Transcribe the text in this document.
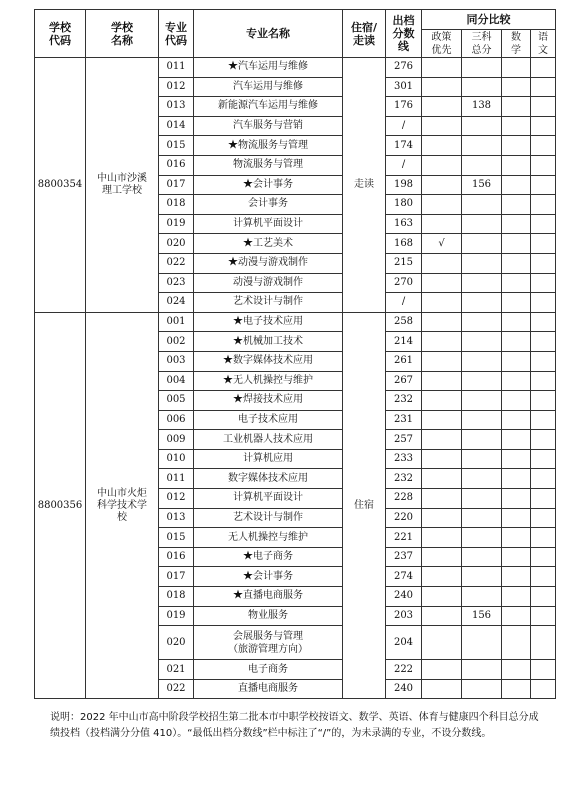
学校代码	学校名称	专业代码	专业名称	住宿/走读	出档分数线	同分比较			
						政策优先	三科总分	数学	语文
8800354	中山市沙溪理工学校	011	★汽车运用与维修	走读	276				
		012	汽车运用与维修		301				
		013	新能源汽车运用与维修		176		138		
		014	汽车服务与营销		/				
		015	★物流服务与管理		174				
		016	物流服务与管理		/				
		017	★会计事务		198		156		
		018	会计事务		180				
		019	计算机平面设计		163				
		020	★工艺美术		168	√			
		022	★动漫与游戏制作		215				
		023	动漫与游戏制作		270				
		024	艺术设计与制作		/				
8800356	中山市火炬科学技术学校	001	★电子技术应用	住宿	258				
		002	★机械加工技术		214				
		003	★数字媒体技术应用		261				
		004	★无人机操控与维护		267				
		005	★焊接技术应用		232				
		006	电子技术应用		231				
		009	工业机器人技术应用		257				
		010	计算机应用		233				
		011	数字媒体技术应用		232				
		012	计算机平面设计		228				
		013	艺术设计与制作		220				
		015	无人机操控与维护		221				
		016	★电子商务		237				
		017	★会计事务		274				
		018	★直播电商服务		240				
		019	物业服务		203		156		
		020	会展服务与管理
（旅游管理方向）		204				
		021	电子商务		222				
		022	直播电商服务		240				
说明：2022 年中山市高中阶段学校招生第二批本市中职学校按语文、数学、英语、体育与健康四个科目总分成绩投档（投档满分分值 410）。“最低出档分数线”栏中标注了“/”的，为未录满的专业，不设分数线。
